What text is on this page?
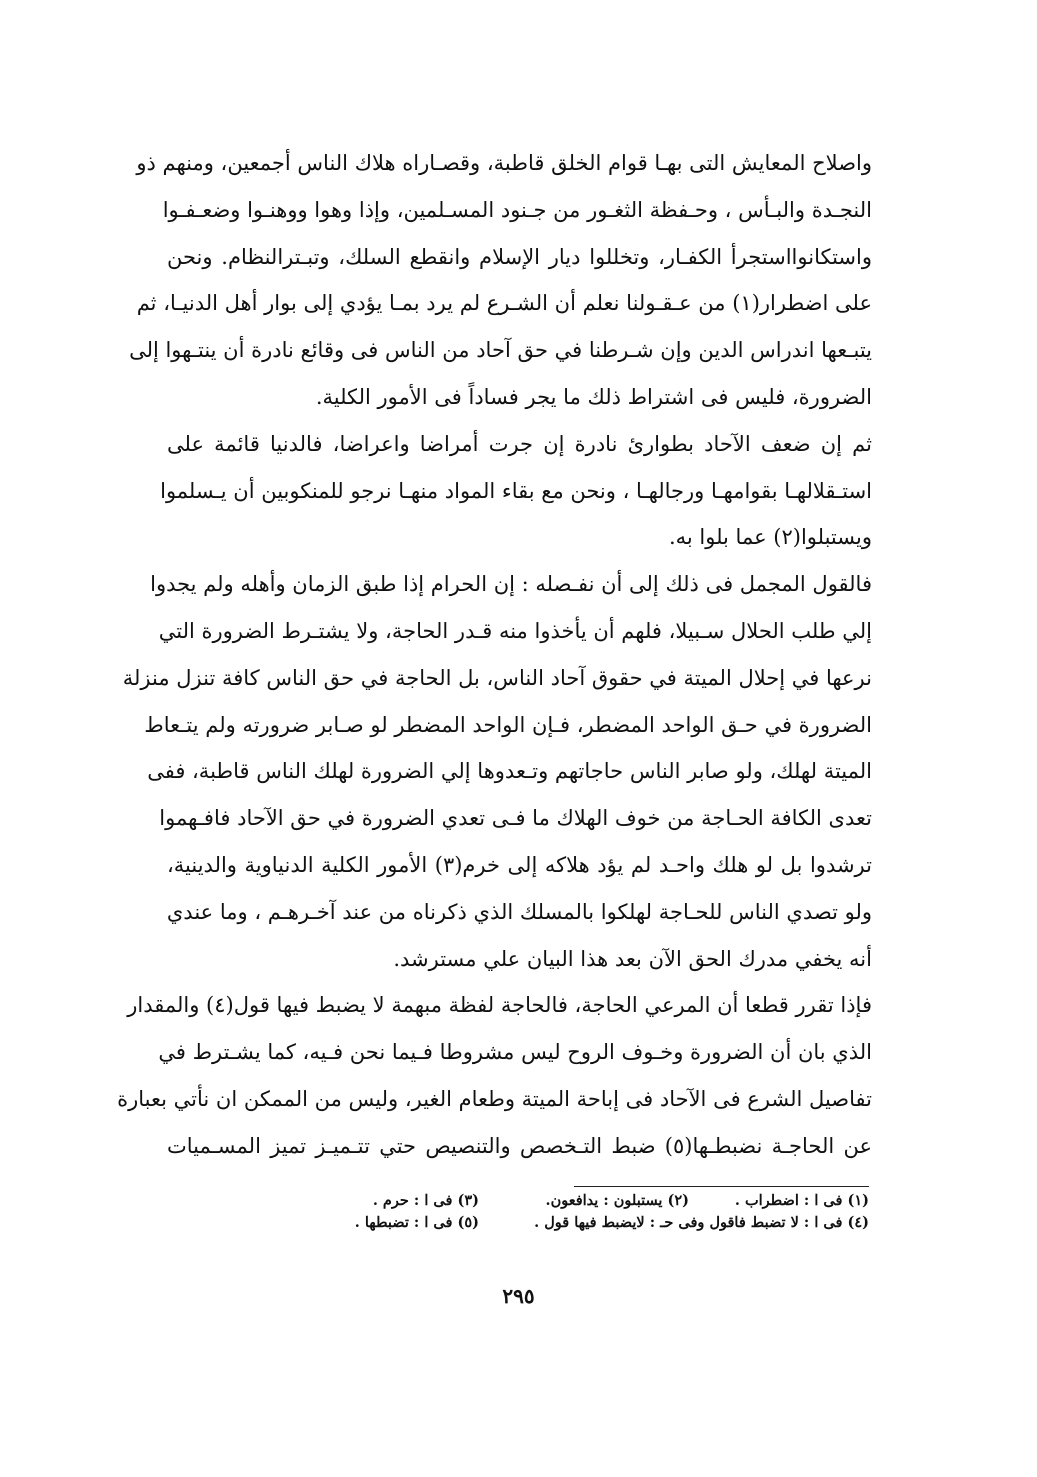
واصلاح المعايش التى بهـا قوام الخلق قاطبة، وقصـاراه هلاك الناس أجمعين، ومنهم ذو
النجـدة والبـأس ، وحـفظة الثغـور من جـنود المسـلمين، وإذا وهوا ووهنـوا وضعـفـوا
واستكانوااستجرأ الكفـار، وتخللوا ديار الإسلام وانقطع السلك، وتبـترالنظام. ونحن
على اضطرار(١) من عـقـولنا نعلم أن الشـرع لم يرد بمـا يؤدي إلى بوار أهل الدنيـا، ثم
يتبـعها اندراس الدين وإن شـرطنا في حق آحاد من الناس فى وقائع نادرة أن ينتـهوا إلى
الضرورة، فليس فى اشتراط ذلك ما يجر فساداً فى الأمور الكلية.
ثم إن ضعف الآحاد بطوارئ نادرة إن جرت أمراضا واعراضا، فالدنيا قائمة على
استـقلالهـا بقوامهـا ورجالهـا ، ونحن مع بقاء المواد منهـا نرجو للمنكوبين أن يـسلموا
ويستبلوا(٢) عما بلوا به.
فالقول المجمل فى ذلك إلى أن نفـصله : إن الحرام إذا طبق الزمان وأهله ولم يجدوا
إلي طلب الحلال سـبيلا، فلهم أن يأخذوا منه قـدر الحاجة، ولا يشتـرط الضرورة التي
نرعها في إحلال الميتة في حقوق آحاد الناس، بل الحاجة في حق الناس كافة تنزل منزلة
الضرورة في حـق الواحد المضطر، فـإن الواحد المضطر لو صـابر ضرورته ولم يتـعاط
الميتة لهلك، ولو صابر الناس حاجاتهم وتـعدوها إلي الضرورة لهلك الناس قاطبة، ففى
تعدى الكافة الحـاجة من خوف الهلاك ما فـى تعدي الضرورة في حق الآحاد فافـهموا
ترشدوا بل لو هلك واحـد لم يؤد هلاكه إلى خرم(٣) الأمور الكلية الدنياوية والدينية،
ولو تصدي الناس للحـاجة لهلكوا بالمسلك الذي ذكرناه من عند آخـرهـم ، وما عندي
أنه يخفي مدرك الحق الآن بعد هذا البيان علي مسترشد.
فإذا تقرر قطعا أن المرعي الحاجة، فالحاجة لفظة مبهمة لا يضبط فيها قول(٤) والمقدار
الذي بان أن الضرورة وخـوف الروح ليس مشروطا فـيما نحن فـيه، كما يشـترط في
تفاصيل الشرع فى الآحاد فى إباحة الميتة وطعام الغير، وليس من الممكن ان نأتي بعبارة
عن الحاجـة نضبطـها(٥) ضبط التـخصص والتنصيص حتي تتـميـز تميز المسـميات
(١) فى ا : اضطراب .
(٢) يستبلون : يدافعون.
(٣) فى ا : حرم .
(٤) فى ا : لا تضبط فاقول وفى حـ : لايضبط فيها قول .
(٥) فى ا : تضبطها .
٢٩٥
